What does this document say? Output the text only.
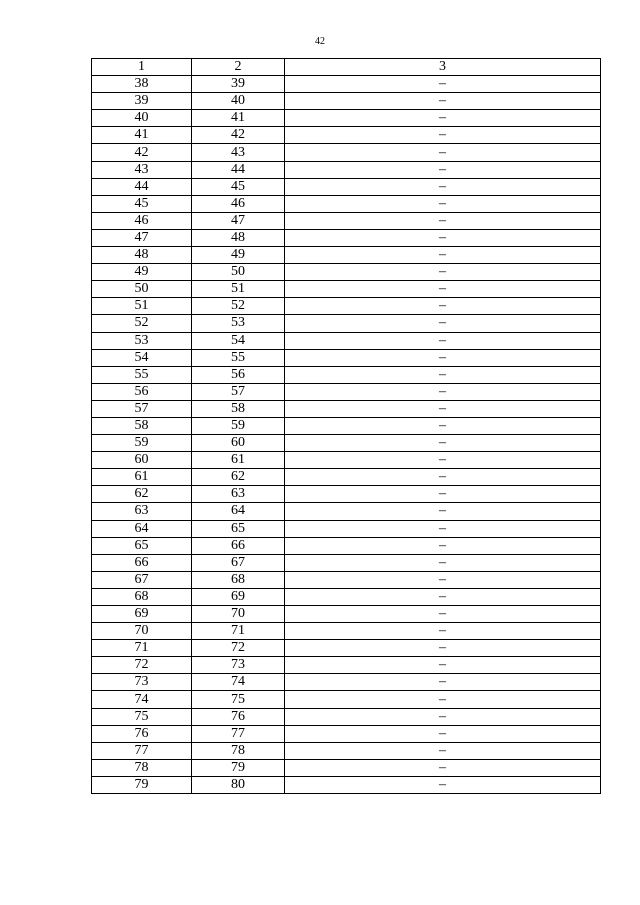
42
1	2	3
38	39	–
39	40	–
40	41	–
41	42	–
42	43	–
43	44	–
44	45	–
45	46	–
46	47	–
47	48	–
48	49	–
49	50	–
50	51	–
51	52	–
52	53	–
53	54	–
54	55	–
55	56	–
56	57	–
57	58	–
58	59	–
59	60	–
60	61	–
61	62	–
62	63	–
63	64	–
64	65	–
65	66	–
66	67	–
67	68	–
68	69	–
69	70	–
70	71	–
71	72	–
72	73	–
73	74	–
74	75	–
75	76	–
76	77	–
77	78	–
78	79	–
79	80	–
